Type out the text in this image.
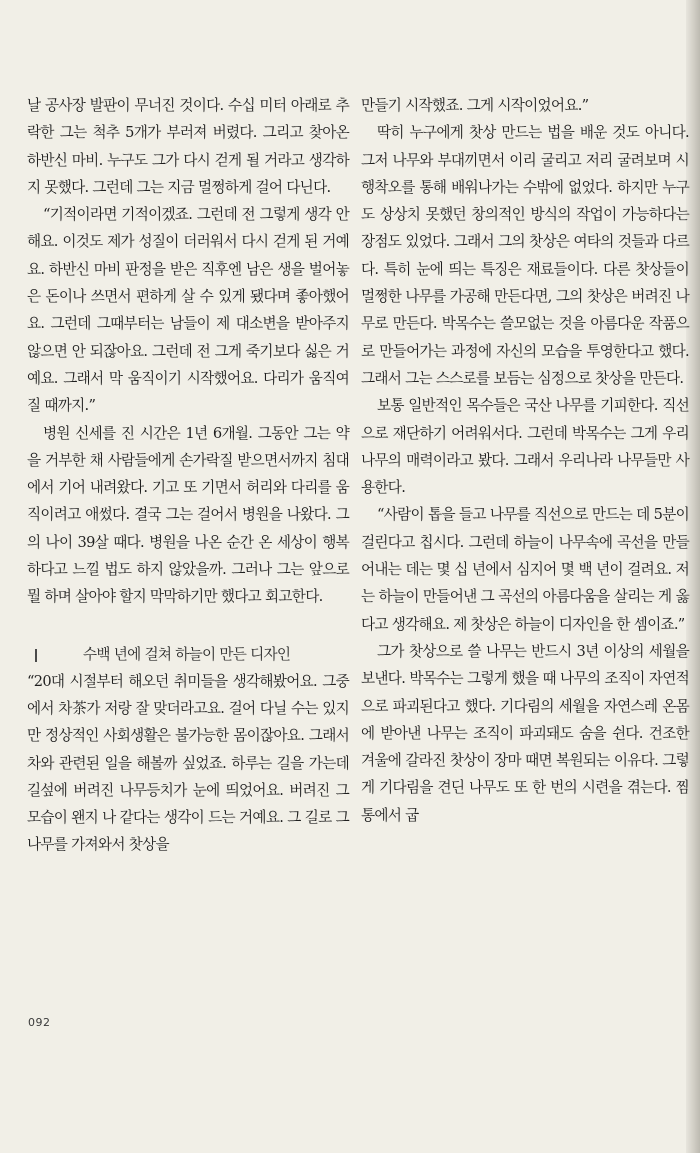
날 공사장 발판이 무너진 것이다. 수십 미터 아래로 추락한 그는 척추 5개가 부러져 버렸다. 그리고 찾아온 하반신 마비. 누구도 그가 다시 걷게 될 거라고 생각하지 못했다. 그런데 그는 지금 멀쩡하게 걸어 다닌다.

“기적이라면 기적이겠죠. 그런데 전 그렇게 생각 안 해요. 이것도 제가 성질이 더러워서 다시 걷게 된 거예요. 하반신 마비 판정을 받은 직후엔 남은 생을 벌어놓은 돈이나 쓰면서 편하게 살 수 있게 됐다며 좋아했어요. 그런데 그때부터는 남들이 제 대소변을 받아주지 않으면 안 되잖아요. 그런데 전 그게 죽기보다 싫은 거예요. 그래서 막 움직이기 시작했어요. 다리가 움직여질 때까지.”

병원 신세를 진 시간은 1년 6개월. 그동안 그는 약을 거부한 채 사람들에게 손가락질 받으면서까지 침대에서 기어 내려왔다. 기고 또 기면서 허리와 다리를 움직이려고 애썼다. 결국 그는 걸어서 병원을 나왔다. 그의 나이 39살 때다. 병원을 나온 순간 온 세상이 행복하다고 느낄 법도 하지 않았을까. 그러나 그는 앞으로 뭘 하며 살아야 할지 막막하기만 했다고 회고한다.

수백 년에 걸쳐 하늘이 만든 디자인

“20대 시절부터 해오던 취미들을 생각해봤어요. 그중에서 차茶가 저랑 잘 맞더라고요. 걸어 다닐 수는 있지만 정상적인 사회생활은 불가능한 몸이잖아요. 그래서 차와 관련된 일을 해볼까 싶었죠. 하루는 길을 가는데 길섶에 버려진 나무등치가 눈에 띄었어요. 버려진 그 모습이 왠지 나 같다는 생각이 드는 거예요. 그 길로 그 나무를 가져와서 찻상을

만들기 시작했죠. 그게 시작이었어요.”

딱히 누구에게 찻상 만드는 법을 배운 것도 아니다. 그저 나무와 부대끼면서 이리 굴리고 저리 굴려보며 시행착오를 통해 배워나가는 수밖에 없었다. 하지만 누구도 상상치 못했던 창의적인 방식의 작업이 가능하다는 장점도 있었다. 그래서 그의 찻상은 여타의 것들과 다르다. 특히 눈에 띄는 특징은 재료들이다. 다른 찻상들이 멀쩡한 나무를 가공해 만든다면, 그의 찻상은 버려진 나무로 만든다. 박목수는 쓸모없는 것을 아름다운 작품으로 만들어가는 과정에 자신의 모습을 투영한다고 했다. 그래서 그는 스스로를 보듬는 심정으로 찻상을 만든다.

보통 일반적인 목수들은 국산 나무를 기피한다. 직선으로 재단하기 어려워서다. 그런데 박목수는 그게 우리 나무의 매력이라고 봤다. 그래서 우리나라 나무들만 사용한다.

“사람이 톱을 들고 나무를 직선으로 만드는 데 5분이 걸린다고 칩시다. 그런데 하늘이 나무속에 곡선을 만들어내는 데는 몇 십 년에서 심지어 몇 백 년이 걸려요. 저는 하늘이 만들어낸 그 곡선의 아름다움을 살리는 게 옳다고 생각해요. 제 찻상은 하늘이 디자인을 한 셈이죠.”

그가 찻상으로 쓸 나무는 반드시 3년 이상의 세월을 보낸다. 박목수는 그렇게 했을 때 나무의 조직이 자연적으로 파괴된다고 했다. 기다림의 세월을 자연스레 온몸에 받아낸 나무는 조직이 파괴돼도 숨을 쉰다. 건조한 겨울에 갈라진 찻상이 장마 때면 복원되는 이유다. 그렇게 기다림을 견딘 나무도 또 한 번의 시련을 겪는다. 찜통에서 굽

092
